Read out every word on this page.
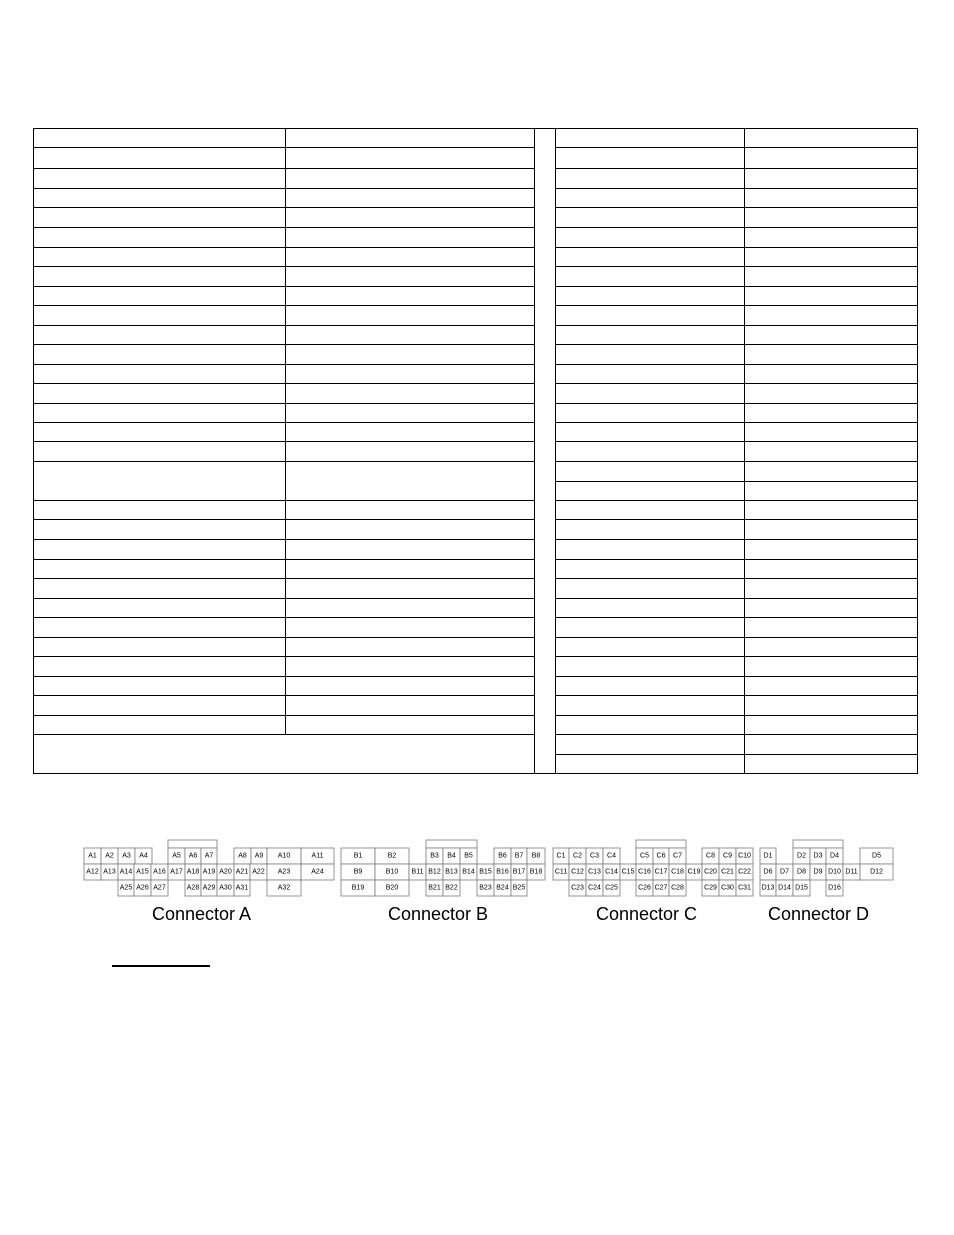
A1 A2 A3 A4	A5 A6 A7	A8 A9 A10	A11
A12 A13 A14 A15 A16 A17 A18 A19 A20 A21 A22 A23	A24
A25 A26 A27	A28 A29 A30 A31	A32
B1	B2	B3 B4 B5	B6 B7 B8
B9	B10 B11 B12 B13 B14 B15 B16 B17 B18
B19	B20	B21 B22	B23 B24 B25
C1 C2 C3 C4	C5 C6 C7	C8 C9 C10
C11 C12 C13 C14 C15 C16 C17 C18 C19 C20 C21 C22
C23 C24 C25	C26 C27 C28	C29 C30 C31
D1	D2 D3 D4	D5
D6 D7 D8 D9 D10 D11 D12
D13 D14 D15	D16
Connector A	Connector B	Connector C	Connector D
